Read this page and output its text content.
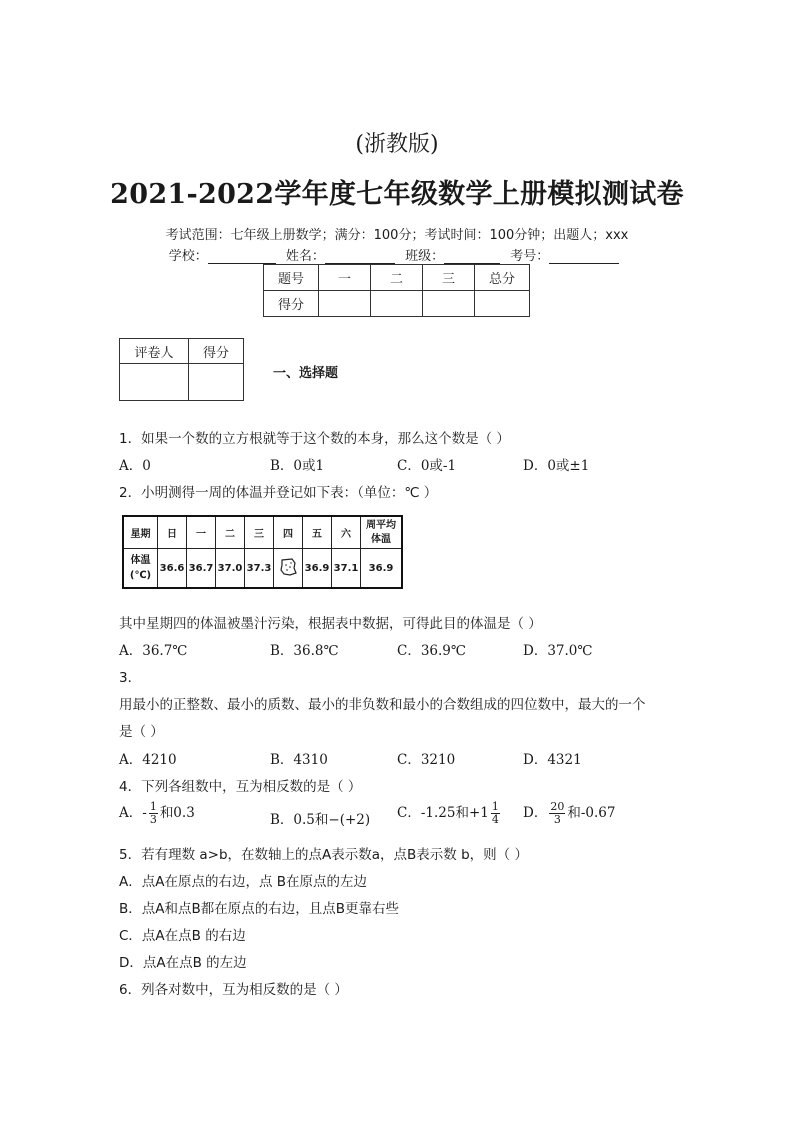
(浙教版)
2021-2022学年度七年级数学上册模拟测试卷
考试范围：七年级上册数学；满分：100分；考试时间：100分钟；出题人；xxx
学校：	姓名：	班级：	考号：
题号	一	二	三	总分
得分				
评卷人	得分

一、选择题
1．如果一个数的立方根就等于这个数的本身，那么这个数是（ ）
A．0	B．0或1	C．0或-1	D．0或±1
2．小明测得一周的体温并登记如下表：（单位：℃ ）
星期	日	一	二	三	四	五	六	周平均
体温

体温
(℃)	36.6	36.7	37.0	37.3		36.9	37.1	36.9
其中星期四的体温被墨汁污染，根据表中数据，可得此目的体温是（ ）
A．36.7℃	B．36.8℃	C．36.9℃	D．37.0℃
3．
用最小的正整数、最小的质数、最小的非负数和最小的合数组成的四位数中，最大的一个
是（ ）
A．4210	B．4310	C．3210	D．4321
4．下列各组数中，互为相反数的是（ ）
A．- $\frac{1}{3}$ 和0.3	B．0.5和−(+2) C．-1.25和$+1 \frac{1}{4}$ D． $\frac{20}{3}$ 和-0.67
5．若有理数 a>b，在数轴上的点A表示数a，点B表示数 b，则（ ）
A．点A在原点的右边，点 B在原点的左边
B．点A和点B都在原点的右边，且点B更靠右些
C．点A在点B 的右边
D．点A在点B 的左边
6．列各对数中，互为相反数的是（ ）
